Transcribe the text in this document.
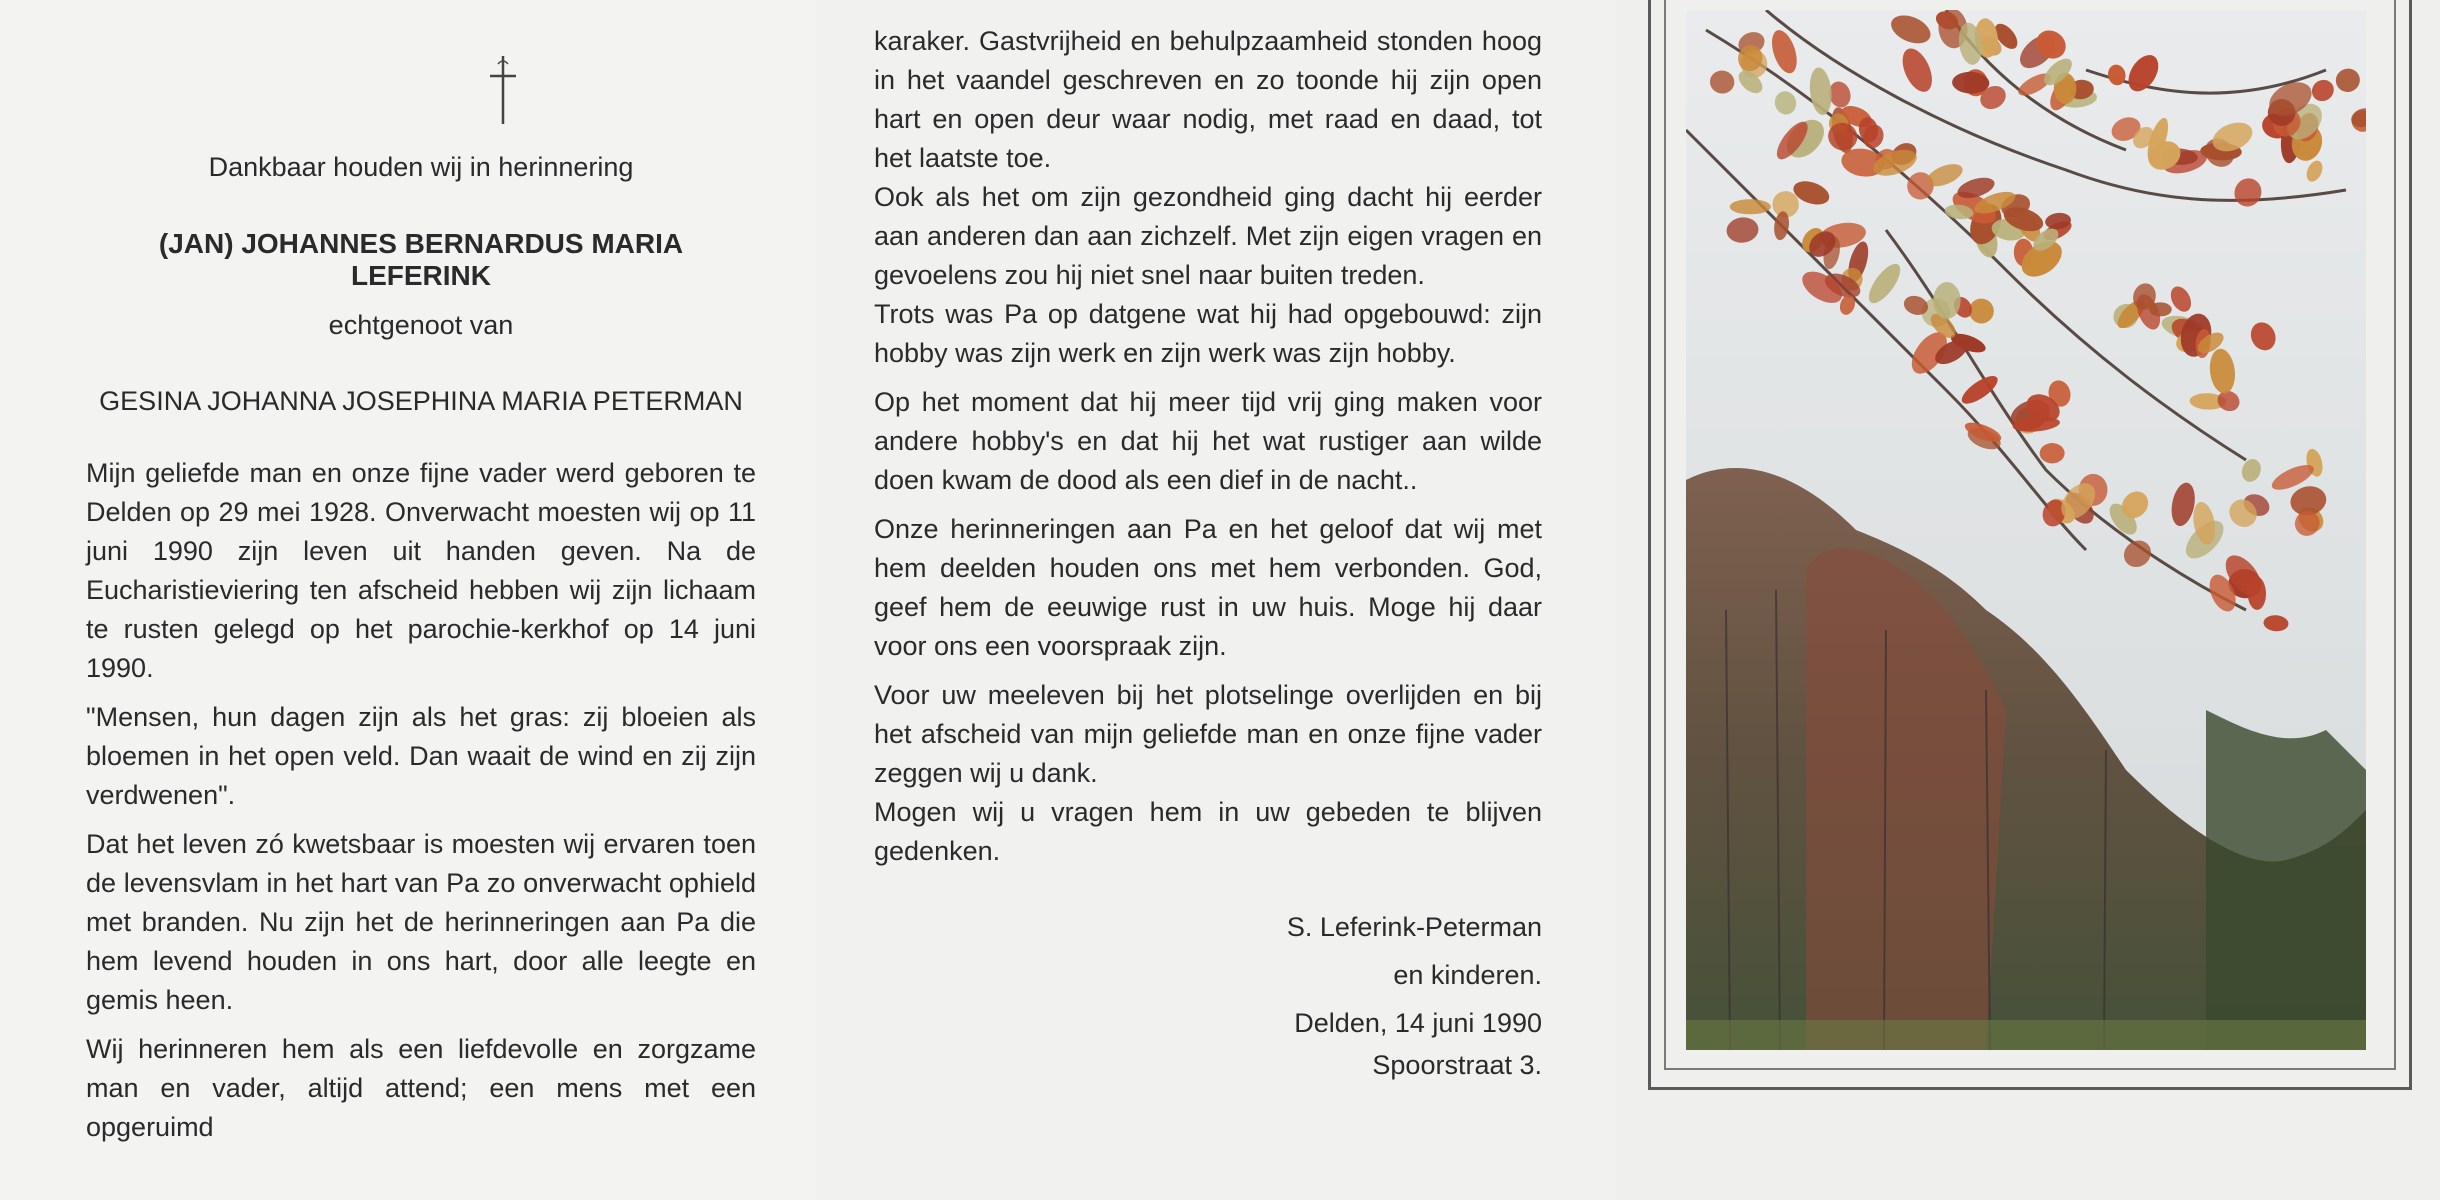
Dankbaar houden wij in herinnering
(JAN) JOHANNES BERNARDUS MARIA LEFERINK
echtgenoot van
GESINA JOHANNA JOSEPHINA MARIA PETERMAN

Mijn geliefde man en onze fijne vader werd geboren te Delden op 29 mei 1928. Onverwacht moesten wij op 11 juni 1990 zijn leven uit handen geven. Na de Eucharistieviering ten afscheid hebben wij zijn lichaam te rusten gelegd op het parochie-kerkhof op 14 juni 1990.

"Mensen, hun dagen zijn als het gras: zij bloeien als bloemen in het open veld. Dan waait de wind en zij zijn verdwenen".

Dat het leven zó kwetsbaar is moesten wij ervaren toen de levensvlam in het hart van Pa zo onverwacht ophield met branden. Nu zijn het de herinneringen aan Pa die hem levend houden in ons hart, door alle leegte en gemis heen.

Wij herinneren hem als een liefdevolle en zorgzame man en vader, altijd attend; een mens met een opgeruimd

karaker. Gastvrijheid en behulpzaamheid stonden hoog in het vaandel geschreven en zo toonde hij zijn open hart en open deur waar nodig, met raad en daad, tot het laatste toe.

Ook als het om zijn gezondheid ging dacht hij eerder aan anderen dan aan zichzelf. Met zijn eigen vragen en gevoelens zou hij niet snel naar buiten treden.

Trots was Pa op datgene wat hij had opgebouwd: zijn hobby was zijn werk en zijn werk was zijn hobby.

Op het moment dat hij meer tijd vrij ging maken voor andere hobby's en dat hij het wat rustiger aan wilde doen kwam de dood als een dief in de nacht..

Onze herinneringen aan Pa en het geloof dat wij met hem deelden houden ons met hem verbonden. God, geef hem de eeuwige rust in uw huis. Moge hij daar voor ons een voorspraak zijn.

Voor uw meeleven bij het plotselinge overlijden en bij het afscheid van mijn geliefde man en onze fijne vader zeggen wij u dank.

Mogen wij u vragen hem in uw gebeden te blijven gedenken.

S. Leferink-Peterman
en kinderen.
Delden, 14 juni 1990
Spoorstraat 3.
